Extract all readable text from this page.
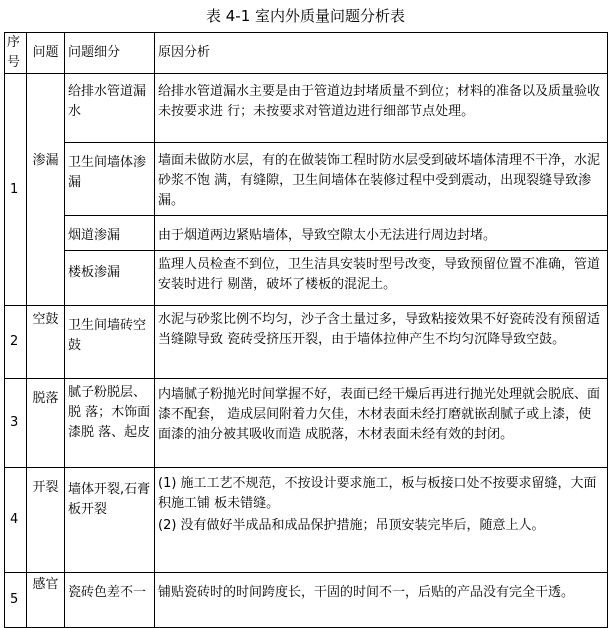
表 4-1 室内外质量问题分析表
序号	问题	问题细分	原因分析
1	渗漏	给排水管道漏水	给排水管道漏水主要是由于管道边封堵质量不到位；材料的准备以及质量验收未按要求进 行；未按要求对管道边进行细部节点处理。
		卫生间墙体渗漏	墙面未做防水层，有的在做装饰工程时防水层受到破坏墙体清理不干净，水泥砂浆不饱 满，有缝隙，卫生间墙体在装修过程中受到震动，出现裂缝导致渗漏。
		烟道渗漏	由于烟道两边紧贴墙体，导致空隙太小无法进行周边封堵。
		楼板渗漏	监理人员检查不到位，卫生洁具安装时型号改变，导致预留位置不准确，管道安装时进行 剔凿，破坏了楼板的混泥土。
2	空鼓	卫生间墙砖空鼓	水泥与砂浆比例不均匀，沙子含土量过多，导致粘接效果不好瓷砖没有预留适当缝隙导致 瓷砖受挤压开裂，由于墙体拉伸产生不均匀沉降导致空鼓。
3	脱落	腻子粉脱层、脱 落；木饰面漆脱 落、起皮	内墙腻子粉抛光时间掌握不好，表面已经干燥后再进行抛光处理就会脱底、面漆不配套， 造成层间附着力欠佳，木材表面未经打磨就嵌刮腻子或上漆，使面漆的油分被其吸收而造 成脱落，木材表面未经有效的封闭。
4	开裂	墙体开裂,石膏 板开裂	(1) 施工工艺不规范，不按设计要求施工，板与板接口处不按要求留缝，大面积施工铺 板未错缝。

(2) 没有做好半成品和成品保护措施；吊顶安装完毕后，随意上人。

5	感官	瓷砖色差不一	铺贴瓷砖时的时间跨度长，干固的时间不一，后贴的产品没有完全干透。
